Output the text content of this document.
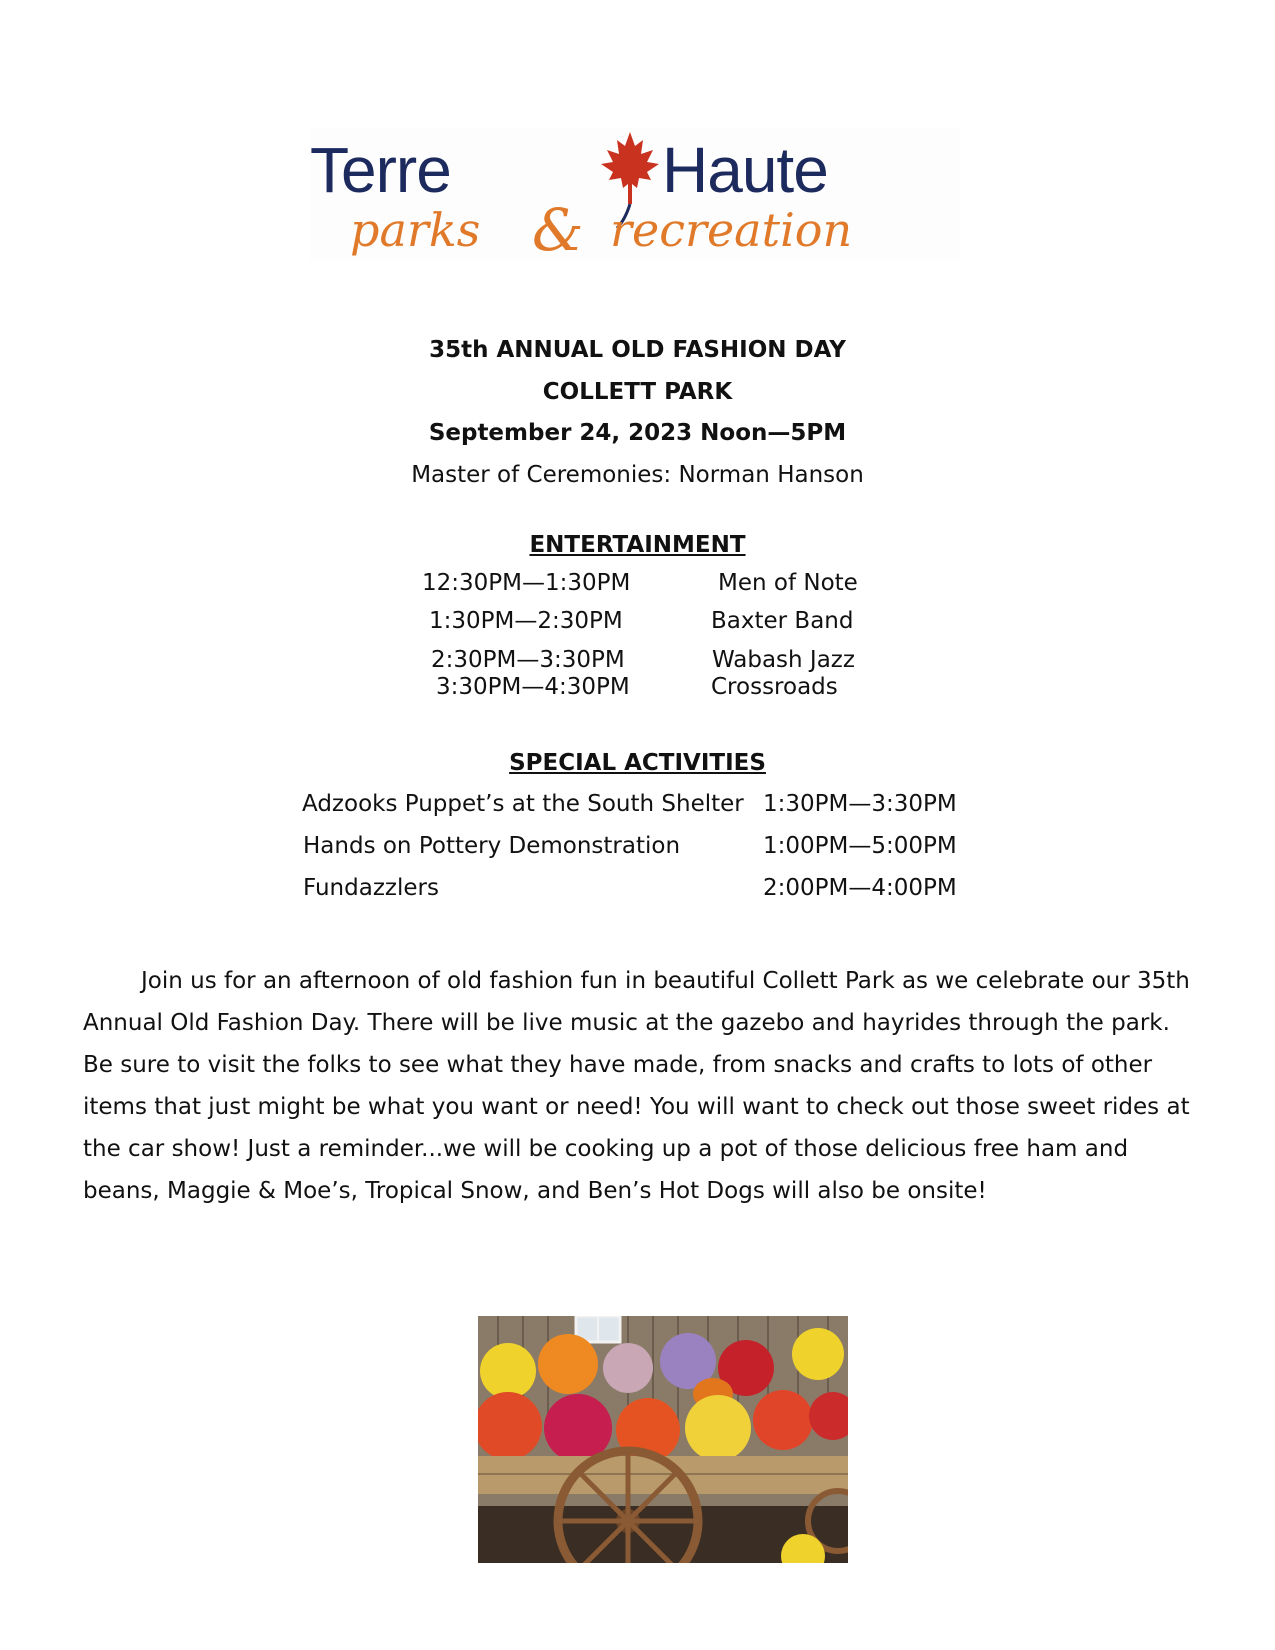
Terre	Haute
parks & recreation
35th ANNUAL OLD FASHION DAY
COLLETT PARK
September 24, 2023 Noon—5PM
Master of Ceremonies: Norman Hanson
ENTERTAINMENT
12:30PM—1:30PM	Men of Note
1:30PM—2:30PM	Baxter Band
2:30PM—3:30PM	Wabash Jazz
3:30PM—4:30PM	Crossroads
SPECIAL ACTIVITIES
Adzooks Puppet’s at the South Shelter 1:30PM—3:30PM
Hands on Pottery Demonstration	1:00PM—5:00PM
Fundazzlers	2:00PM—4:00PM
Join us for an afternoon of old fashion fun in beautiful Collett Park as we celebrate our 35th Annual Old Fashion Day. There will be live music at the gazebo and hayrides through the park. Be sure to visit the folks to see what they have made, from snacks and crafts to lots of other items that just might be what you want or need! You will want to check out those sweet rides at the car show! Just a reminder...we will be cooking up a pot of those delicious free ham and beans, Maggie & Moe’s, Tropical Snow, and Ben’s Hot Dogs will also be onsite!
